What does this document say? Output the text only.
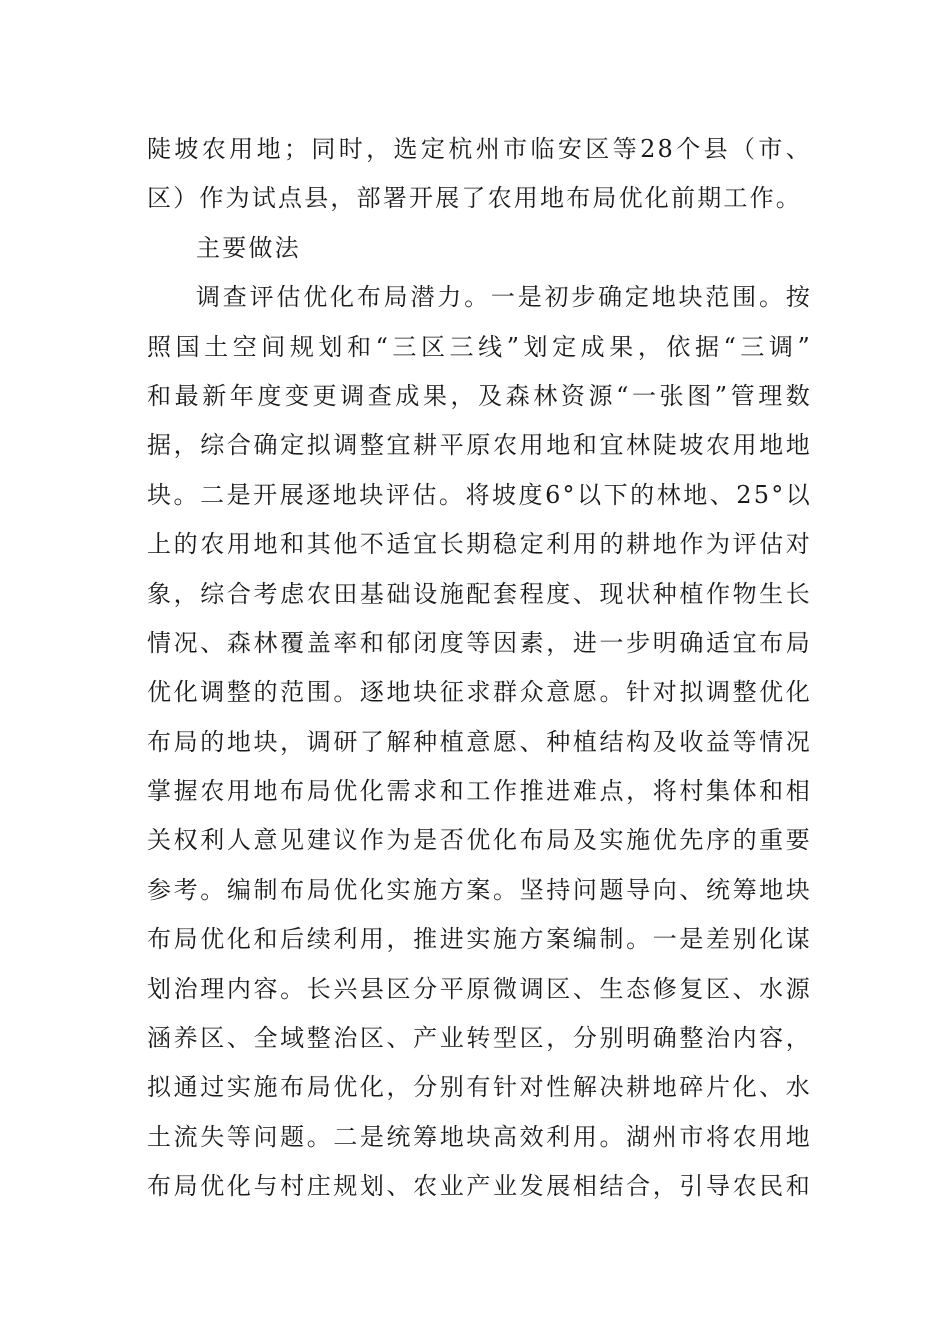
陡坡农用地；同时，选定杭州市临安区等28个县（市、
区）作为试点县，部署开展了农用地布局优化前期工作。
主要做法
调查评估优化布局潜力。一是初步确定地块范围。按
照国土空间规划和“三区三线”划定成果，依据“三调”
和最新年度变更调查成果，及森林资源“一张图”管理数
据，综合确定拟调整宜耕平原农用地和宜林陡坡农用地地
块。二是开展逐地块评估。将坡度6°以下的林地、25°以
上的农用地和其他不适宜长期稳定利用的耕地作为评估对
象，综合考虑农田基础设施配套程度、现状种植作物生长
情况、森林覆盖率和郁闭度等因素，进一步明确适宜布局
优化调整的范围。逐地块征求群众意愿。针对拟调整优化
布局的地块，调研了解种植意愿、种植结构及收益等情况
掌握农用地布局优化需求和工作推进难点，将村集体和相
关权利人意见建议作为是否优化布局及实施优先序的重要
参考。编制布局优化实施方案。坚持问题导向、统筹地块
布局优化和后续利用，推进实施方案编制。一是差别化谋
划治理内容。长兴县区分平原微调区、生态修复区、水源
涵养区、全域整治区、产业转型区，分别明确整治内容，
拟通过实施布局优化，分别有针对性解决耕地碎片化、水
土流失等问题。二是统筹地块高效利用。湖州市将农用地
布局优化与村庄规划、农业产业发展相结合，引导农民和
